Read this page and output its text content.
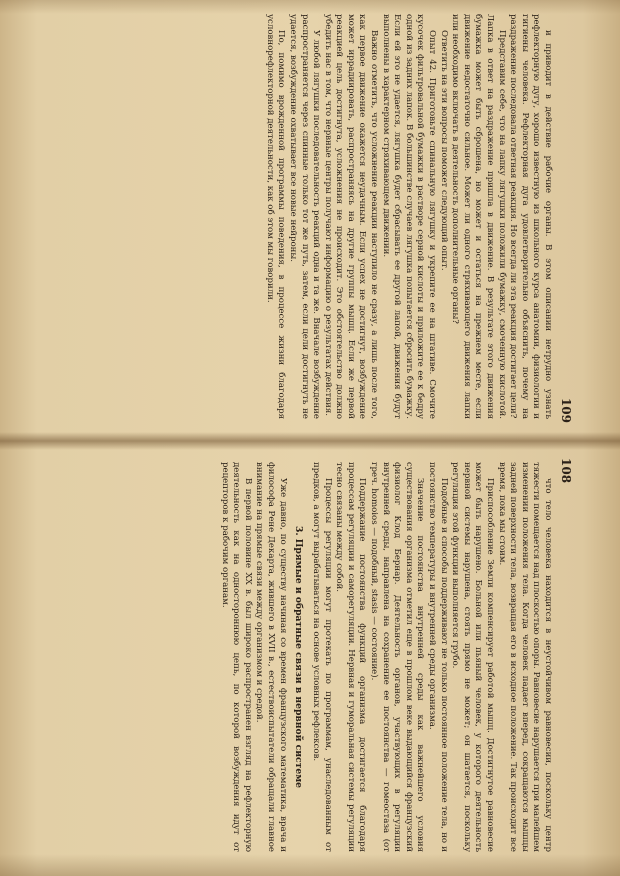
109

и приводит в действие рабочие органы. В этом описании нетрудно узнать рефлекторную дугу, хорошо известную из школьного курса анатомии, физиологии и гигиены человека. Рефлекторная дуга удовлетворительно объяснить, почему на раздражение последовала ответная реакция. Но всегда ли эта реакция достигает цели?

Представим себе, что на лапку лягушки положили бумажку, смоченную кислотой. Лапка в ответ на раздражение пришла в движение. В результате этого движения бумажка может быть сброшена, но может и остаться на прежнем месте, если движение недостаточно сильное. Может ли одного стряхивающего движения лапки или необходимо включать в деятельность дополнительные органы?

Ответить на эти вопросы поможет следующий опыт.

Опыт 42. Приготовьте спинальную лягушку и укрепите ее на штативе. Смочите кусочек фильтровальной бумажки в растворе серной кислоты и приложите ее к бедру одной из задних лапок. В большинстве случаев лягушка попытается сбросить бумажку. Если ей это не удается, лягушка будет сбрасывать ее другой лапой, движения будут выполнены в характерном стряхивающем движении.

Важно отметить, что усложнение реакции наступило не сразу, а лишь после того, как первое движение окажется неудачным. Если успех не достигнут, возбуждение может иррадиировать, распространяясь на другие группы мышц. Если же первой реакцией цель достигнута, усложнения не происходит. Это обстоятельство должно убедить нас в том, что нервные центры получают информацию о результатах действия.

У любой лягушки последовательность реакций одна и та же. Вначале возбуждение распространяется через спинные только тот же путь, затем, если цели достигнуть не удается, возбуждение охватывает все новые нейроны.

По, помимо врожденной программы поведения, в процессе жизни благодаря условнорефлекторной деятельности, как об этом мы говорили.

108

что тело человека находится в неустойчивом равновесии, поскольку центр тяжести помещается над плоскостью опоры. Равновесие нарушается при малейшем изменении положения тела. Когда человек падает вперед, сокращаются мышцы задней поверхности тела, возвращая его в исходное положение. Так происходит все время, пока мы стоим.

Приспособление Земли компенсирует работой мышц. Достигнутое равновесие может быть нарушено. Больной или пьяный человек, у которого деятельность нервной системы нарушена, стоять прямо не может; он шатается, поскольку регуляция этой функции выполняется грубо.

Подобные и способы поддерживают не только постоянное положение тела, но и постоянство температуры и внутренней среды организма.

Значение постоянства внутренней среды как важнейшего условия существования организма отметил еще в прошлом веке выдающийся французский физиолог Клод Бернар. Деятельность органов, участвующих в регуляции внутренней среды, направлена на сохранение ее постоянства — гомеостаза (от греч. homoios — подобный, stasis — состояние).

Поддержание постоянства функций организма достигается благодаря процессам регуляции и саморегуляции. Нервная и гуморальная системы регуляции тесно связаны между собой.

Процессы регуляции могут протекать по программам, унаследованным от предков, а могут вырабатываться на основе условных рефлексов.

3. Прямые и обратные связи в нервной системе

Уже давно, по существу начиная со времен французского математика, врача и философа Рене Декарта, жившего в XVII в., естествоиспытатели обращали главное внимание на прямые связи между организмом и средой.

В первой половине XX в. был широко распространен взгляд на рефлекторную деятельность как на одностороннюю цепь, по которой возбуждения идут от рецепторов к рабочим органам.
